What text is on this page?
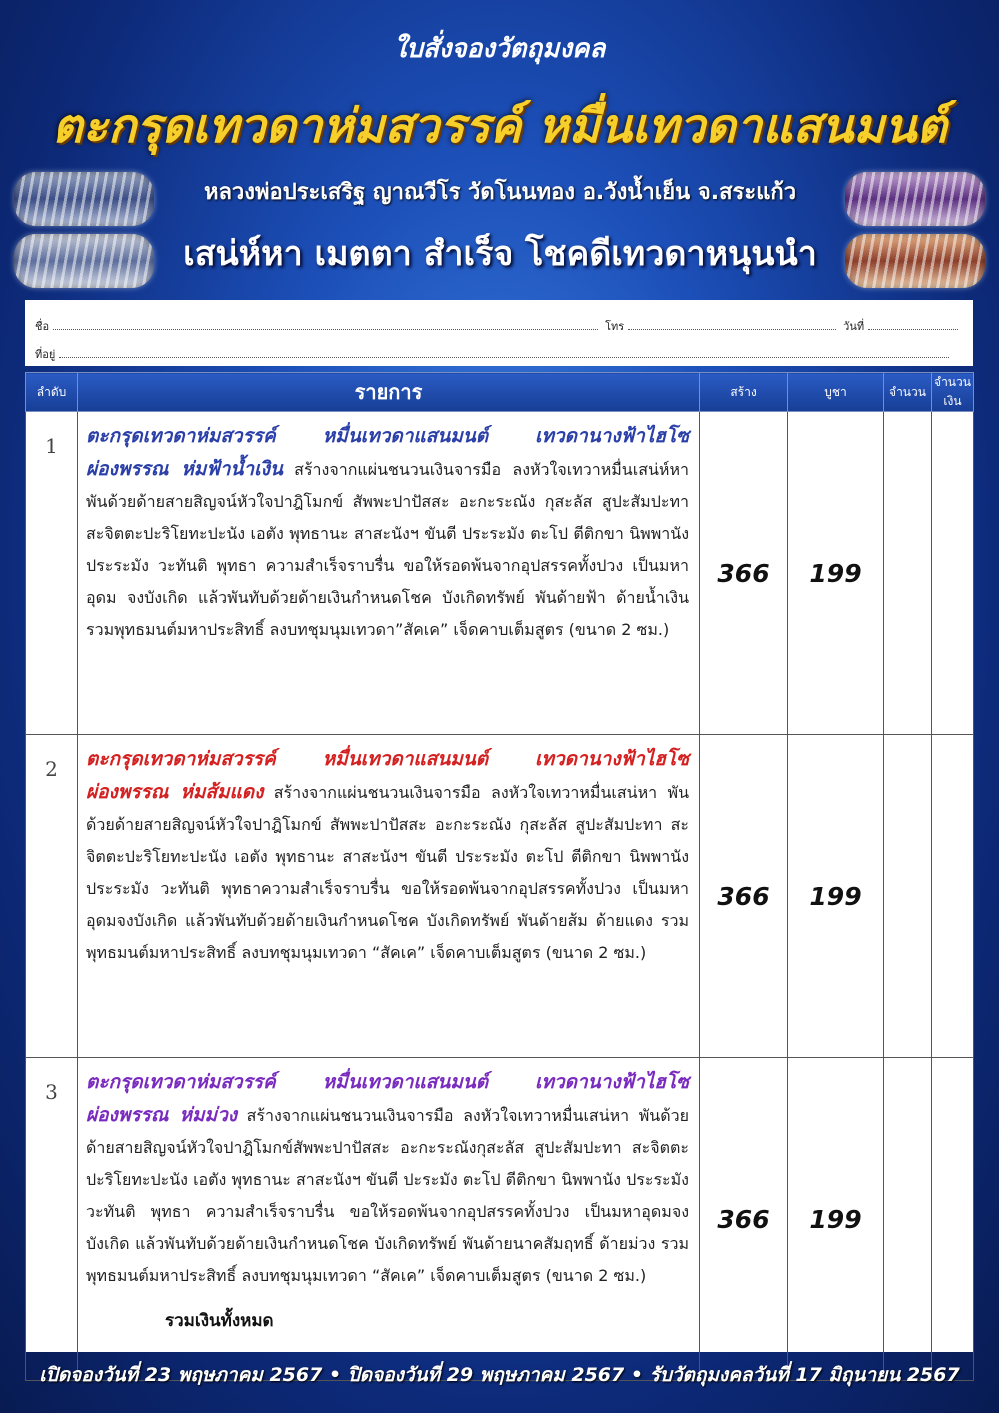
ใบสั่งจองวัตถุมงคล
ตะกรุดเทวดาห่มสวรรค์ หมื่นเทวดาแสนมนต์
หลวงพ่อประเสริฐ ญาณวีโร วัดโนนทอง อ.วังน้ำเย็น จ.สระแก้ว
เสน่ห์หา เมตตา สำเร็จ โชคดีเทวดาหนุนนำ
ชื่อ	โทร	วันที่
ที่อยู่
ลำดับ	รายการ	สร้าง	บูชา	จำนวน	จำนวนเงิน
1	ตะกรุดเทวดาห่มสวรรค์ หมื่นเทวดาแสนมนต์ เทวดานางฟ้าไฮโซ ผ่องพรรณ ห่มฟ้าน้ำเงิน สร้างจากแผ่นชนวนเงินจารมือ ลงหัวใจเทวาหมื่นเสน่ห์หา พันด้วยด้ายสายสิญจน์หัวใจปาฎิโมกข์ สัพพะปาปัสสะ อะกะระณัง กุสะลัส สูปะสัมปะทา สะจิตตะปะริโยทะปะนัง เอตัง พุทธานะ สาสะนังฯ ขันตี ประระมัง ตะโป ตีติกขา นิพพานัง ประระมัง วะทันติ พุทธา ความสำเร็จราบรื่น ขอให้รอดพ้นจากอุปสรรคทั้งปวง เป็นมหาอุดม จงบังเกิด แล้วพันทับด้วยด้ายเงินกำหนดโชค บังเกิดทรัพย์ พันด้ายฟ้า ด้ายน้ำเงิน รวมพุทธมนต์มหาประสิทธิ์ ลงบทชุมนุมเทวดา”สัคเค” เจ็ดคาบเต็มสูตร (ขนาด 2 ซม.)	366	199		
2	ตะกรุดเทวดาห่มสวรรค์ หมื่นเทวดาแสนมนต์ เทวดานางฟ้าไฮโซ ผ่องพรรณ ห่มส้มแดง สร้างจากแผ่นชนวนเงินจารมือ ลงหัวใจเทวาหมื่นเสน่หา พันด้วยด้ายสายสิญจน์หัวใจปาฎิโมกข์ สัพพะปาปัสสะ อะกะระณัง กุสะลัส สูปะสัมปะทา สะจิตตะปะริโยทะปะนัง เอตัง พุทธานะ สาสะนังฯ ขันตี ประระมัง ตะโป ตีติกขา นิพพานัง ประระมัง วะทันติ พุทธาความสำเร็จราบรื่น ขอให้รอดพ้นจากอุปสรรคทั้งปวง เป็นมหาอุดมจงบังเกิด แล้วพันทับด้วยด้ายเงินกำหนดโชค บังเกิดทรัพย์ พันด้ายส้ม ด้ายแดง รวมพุทธมนต์มหาประสิทธิ์ ลงบทชุมนุมเทวดา “สัคเค” เจ็ดคาบเต็มสูตร (ขนาด 2 ซม.)	366	199		
3	ตะกรุดเทวดาห่มสวรรค์ หมื่นเทวดาแสนมนต์ เทวดานางฟ้าไฮโซ ผ่องพรรณ ห่มม่วง สร้างจากแผ่นชนวนเงินจารมือ ลงหัวใจเทวาหมื่นเสน่หา พันด้วยด้ายสายสิญจน์หัวใจปาฎิโมกข์สัพพะปาปัสสะ อะกะระณังกุสะลัส สูปะสัมปะทา สะจิตตะปะริโยทะปะนัง เอตัง พุทธานะ สาสะนังฯ ขันตี ปะระมัง ตะโป ตีติกขา นิพพานัง ประระมัง วะทันติ พุทธา ความสำเร็จราบรื่น ขอให้รอดพ้นจากอุปสรรคทั้งปวง เป็นมหาอุดมจงบังเกิด แล้วพันทับด้วยด้ายเงินกำหนดโชค บังเกิดทรัพย์ พันด้ายนาคสัมฤทธิ์ ด้ายม่วง รวมพุทธมนต์มหาประสิทธิ์ ลงบทชุมนุมเทวดา “สัคเค” เจ็ดคาบเต็มสูตร (ขนาด 2 ซม.)	366	199		
รวมเงินทั้งหมด
เปิดจองวันที่ 23 พฤษภาคม 2567 • ปิดจองวันที่ 29 พฤษภาคม 2567 • รับวัตถุมงคลวันที่ 17 มิถุนายน 2567
